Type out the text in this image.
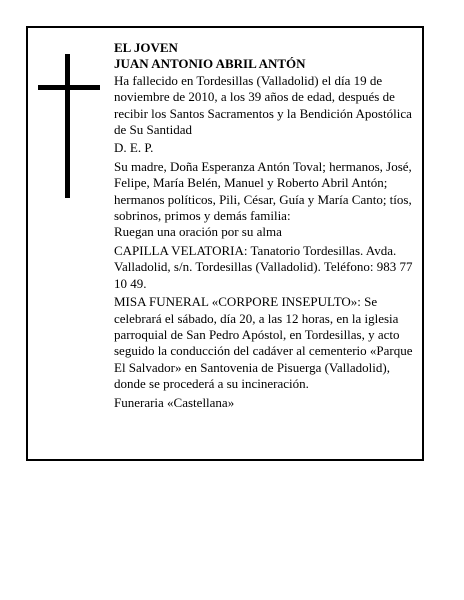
EL JOVEN

JUAN ANTONIO ABRIL ANTÓN

Ha fallecido en Tordesillas (Valladolid) el día 19 de noviembre de 2010, a los 39 años de edad, después de recibir los Santos Sacramentos y la Bendición Apostólica de Su Santidad

D. E. P.

Su madre, Doña Esperanza Antón Toval; hermanos, José, Felipe, María Belén, Manuel y Roberto Abril Antón; hermanos políticos, Pili, César, Guía y María Canto; tíos, sobrinos, primos y demás familia:

Ruegan una oración por su alma

CAPILLA VELATORIA: Tanatorio Tordesillas. Avda. Valladolid, s/n. Tordesillas (Valladolid). Teléfono: 983 77 10 49.

MISA FUNERAL «CORPORE INSEPULTO»: Se celebrará el sábado, día 20, a las 12 horas, en la iglesia parroquial de San Pedro Apóstol, en Tordesillas, y acto seguido la conducción del cadáver al cementerio «Parque El Salvador» en Santovenia de Pisuerga (Valladolid), donde se procederá a su incineración.

Funeraria «Castellana»
